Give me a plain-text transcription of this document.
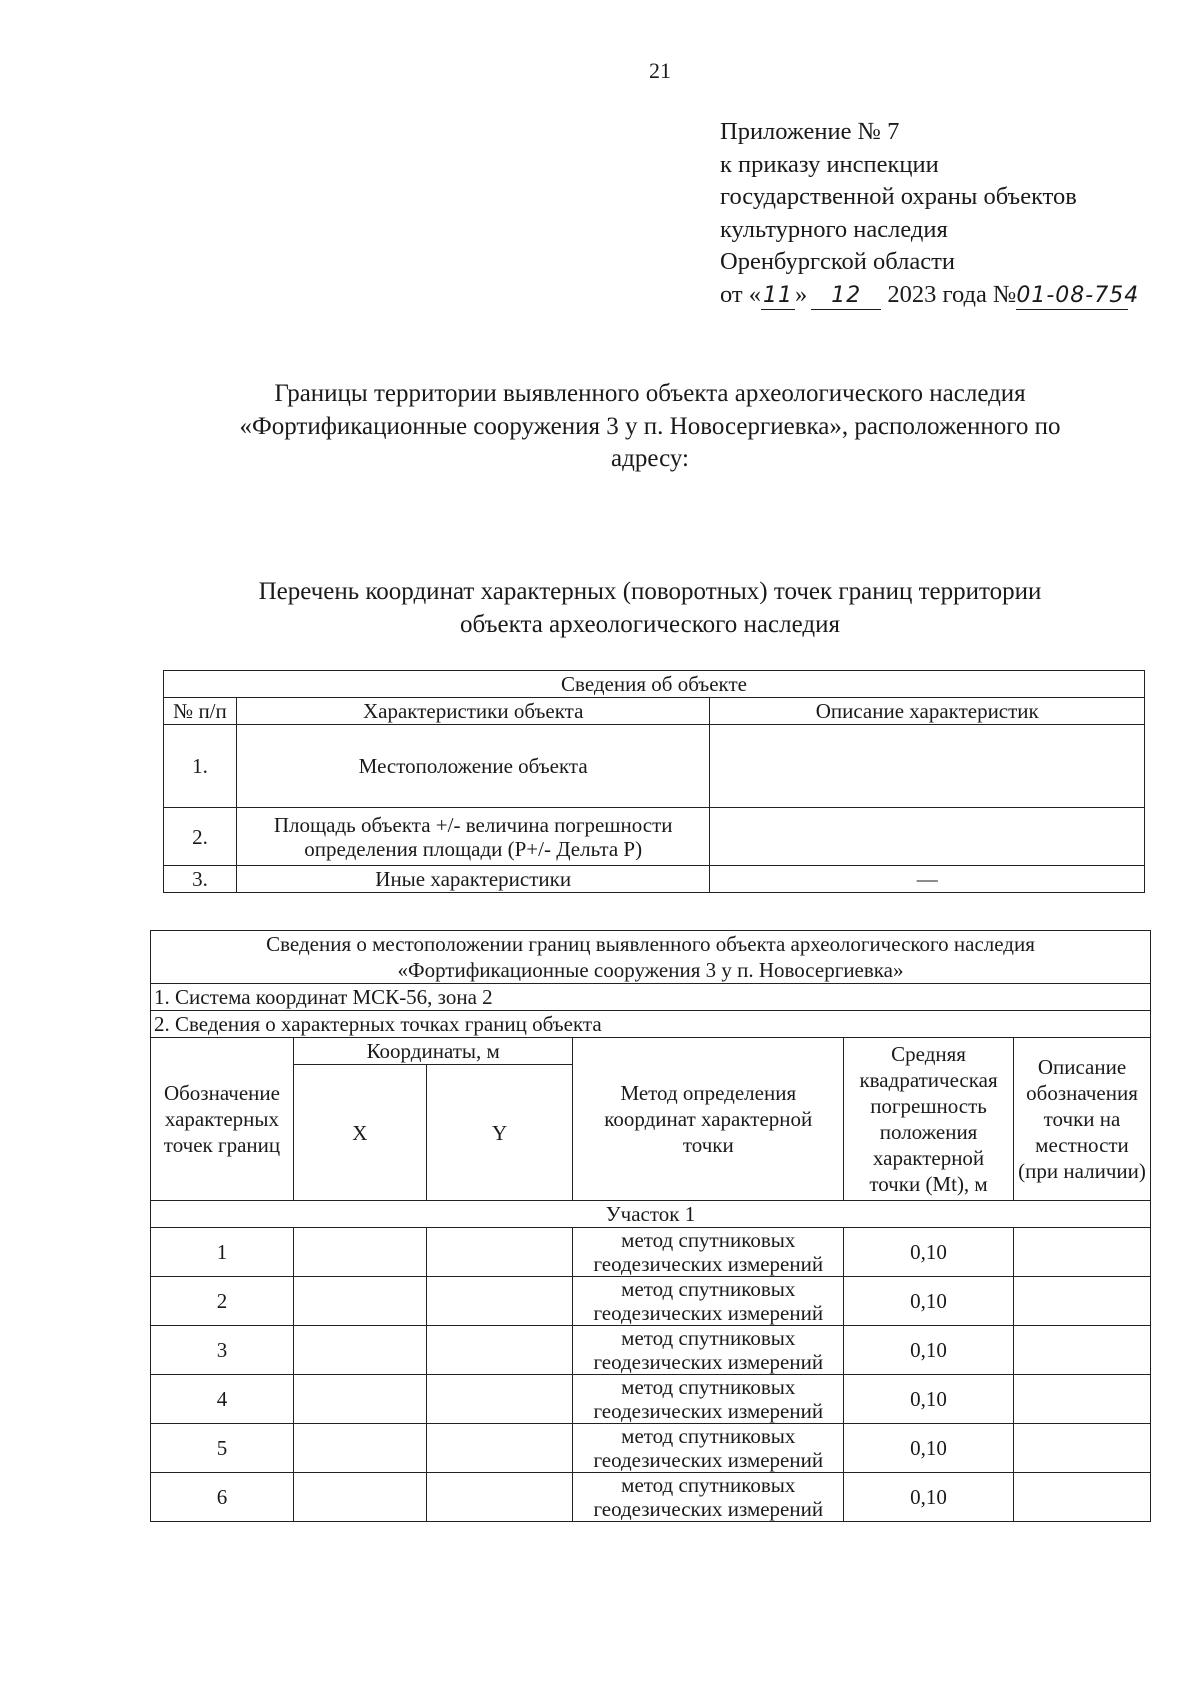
21
Приложение № 7
к приказу инспекции
государственной охраны объектов
культурного наследия
Оренбургской области
от «11» 12 2023 года №01-08-754
Границы территории выявленного объекта археологического наследия
«Фортификационные сооружения 3 у п. Новосергиевка», расположенного по
адресу:
Перечень координат характерных (поворотных) точек границ территории
объекта археологического наследия
Сведения об объекте		
№ п/п	Характеристики объекта	Описание характеристик
1.	Местоположение объекта	
2.	Площадь объекта +/- величина погрешности определения площади (Р+/- Дельта Р)	
3.	Иные характеристики	—
Сведения о местоположении границ выявленного объекта археологического наследия
«Фортификационные сооружения 3 у п. Новосергиевка»					

1. Система координат МСК-56, зона 2					
2. Сведения о характерных точках границ объекта					
Обозначение характерных точек границ	Координаты, м		Метод определения координат характерной точки	Средняя квадратическая погрешность положения характерной точки (Mt), м	Описание обозначения точки на местности (при наличии)
	X	Y			
Участок 1					
1			метод спутниковых геодезических измерений	0,10	
2			метод спутниковых геодезических измерений	0,10	
3			метод спутниковых геодезических измерений	0,10	
4			метод спутниковых геодезических измерений	0,10	
5			метод спутниковых геодезических измерений	0,10	
6			метод спутниковых геодезических измерений	0,10	
